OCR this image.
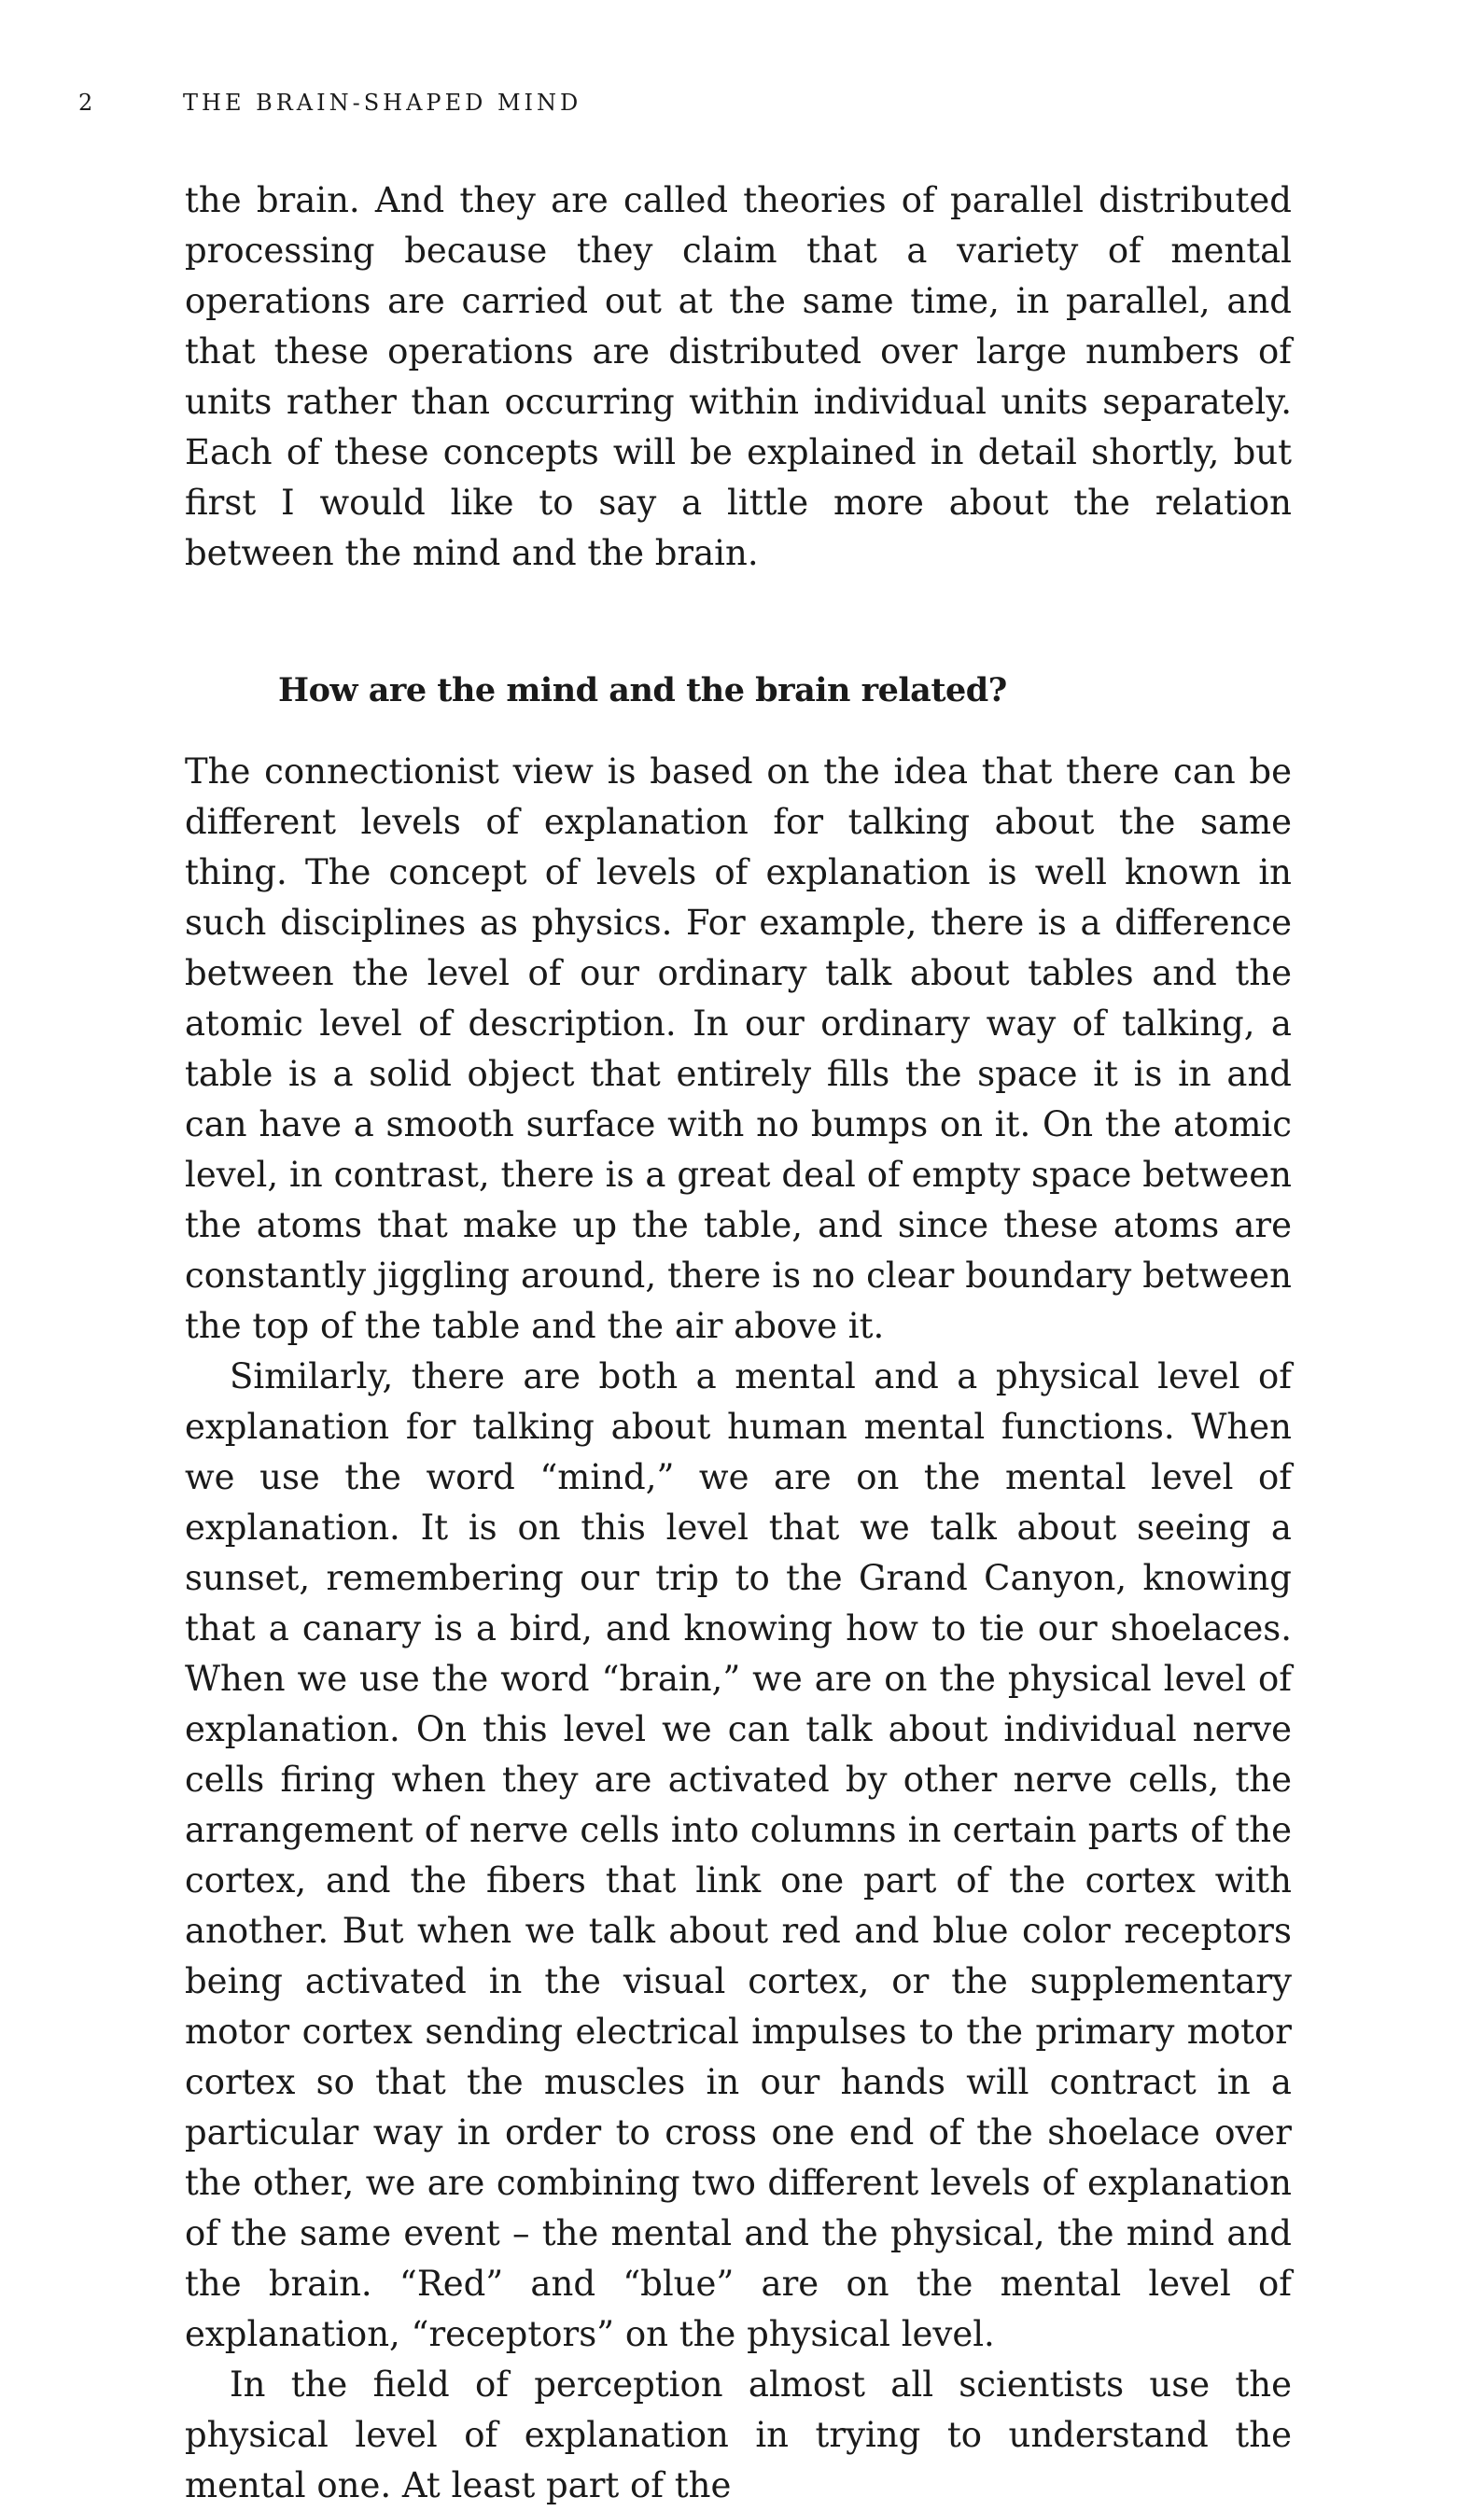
2	THE BRAIN-SHAPED MIND

the brain. And they are called theories of parallel distributed processing because they claim that a variety of mental operations are carried out at the same time, in parallel, and that these operations are distributed over large numbers of units rather than occurring within individual units separately. Each of these concepts will be explained in detail shortly, but first I would like to say a little more about the relation between the mind and the brain.

How are the mind and the brain related?

The connectionist view is based on the idea that there can be different levels of explanation for talking about the same thing. The concept of levels of explanation is well known in such disciplines as physics. For example, there is a difference between the level of our ordinary talk about tables and the atomic level of description. In our ordinary way of talking, a table is a solid object that entirely fills the space it is in and can have a smooth surface with no bumps on it. On the atomic level, in contrast, there is a great deal of empty space between the atoms that make up the table, and since these atoms are constantly jiggling around, there is no clear boundary between the top of the table and the air above it.

Similarly, there are both a mental and a physical level of explanation for talking about human mental functions. When we use the word “mind,” we are on the mental level of explanation. It is on this level that we talk about seeing a sunset, remembering our trip to the Grand Canyon, knowing that a canary is a bird, and knowing how to tie our shoelaces. When we use the word “brain,” we are on the physical level of explanation. On this level we can talk about individual nerve cells firing when they are activated by other nerve cells, the arrangement of nerve cells into columns in certain parts of the cortex, and the fibers that link one part of the cortex with another. But when we talk about red and blue color receptors being activated in the visual cortex, or the supplementary motor cortex sending electrical impulses to the primary motor cortex so that the muscles in our hands will contract in a particular way in order to cross one end of the shoelace over the other, we are combining two different levels of explanation of the same event – the mental and the physical, the mind and the brain. “Red” and “blue” are on the mental level of explanation, “receptors” on the physical level.

In the field of perception almost all scientists use the physical level of explanation in trying to understand the mental one. At least part of the
